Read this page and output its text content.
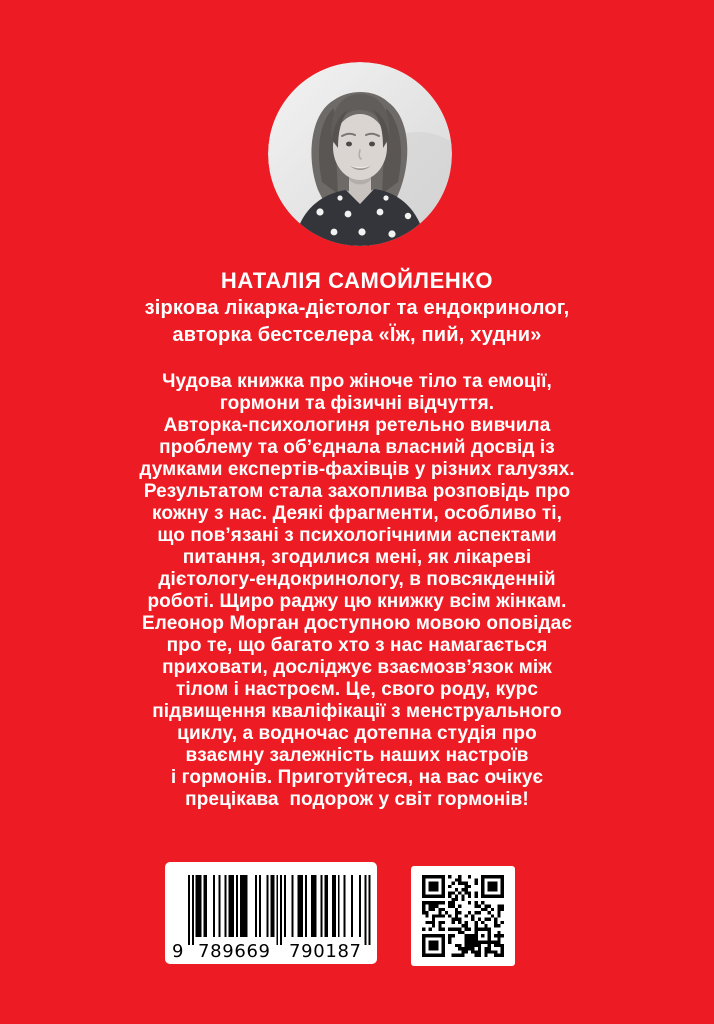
НАТАЛІЯ САМОЙЛЕНКО
зіркова лікарка-дієтолог та ендокринолог,
авторка бестселера «Їж, пий, худни»
Чудова книжка про жіноче тіло та емоції,
гормони та фізичні відчуття.
Авторка-психологиня ретельно вивчила
проблему та об’єднала власний досвід із
думками експертів-фахівців у різних галузях.
Результатом стала захоплива розповідь про
кожну з нас. Деякі фрагменти, особливо ті,
що пов’язані з психологічними аспектами
питання, згодилися мені, як лікареві
дієтологу-ендокринологу, в повсякденній
роботі. Щиро раджу цю книжку всім жінкам.
Елеонор Морган доступною мовою оповідає
про те, що багато хто з нас намагається
приховати, досліджує взаємозв’язок між
тілом і настроєм. Це, свого роду, курс
підвищення кваліфікації з менструального
циклу, а водночас дотепна студія про
взаємну залежність наших настроїв
і гормонів. Приготуйтеся, на вас очікує
прецікава  подорож у світ гормонів!
9 789669 790187
